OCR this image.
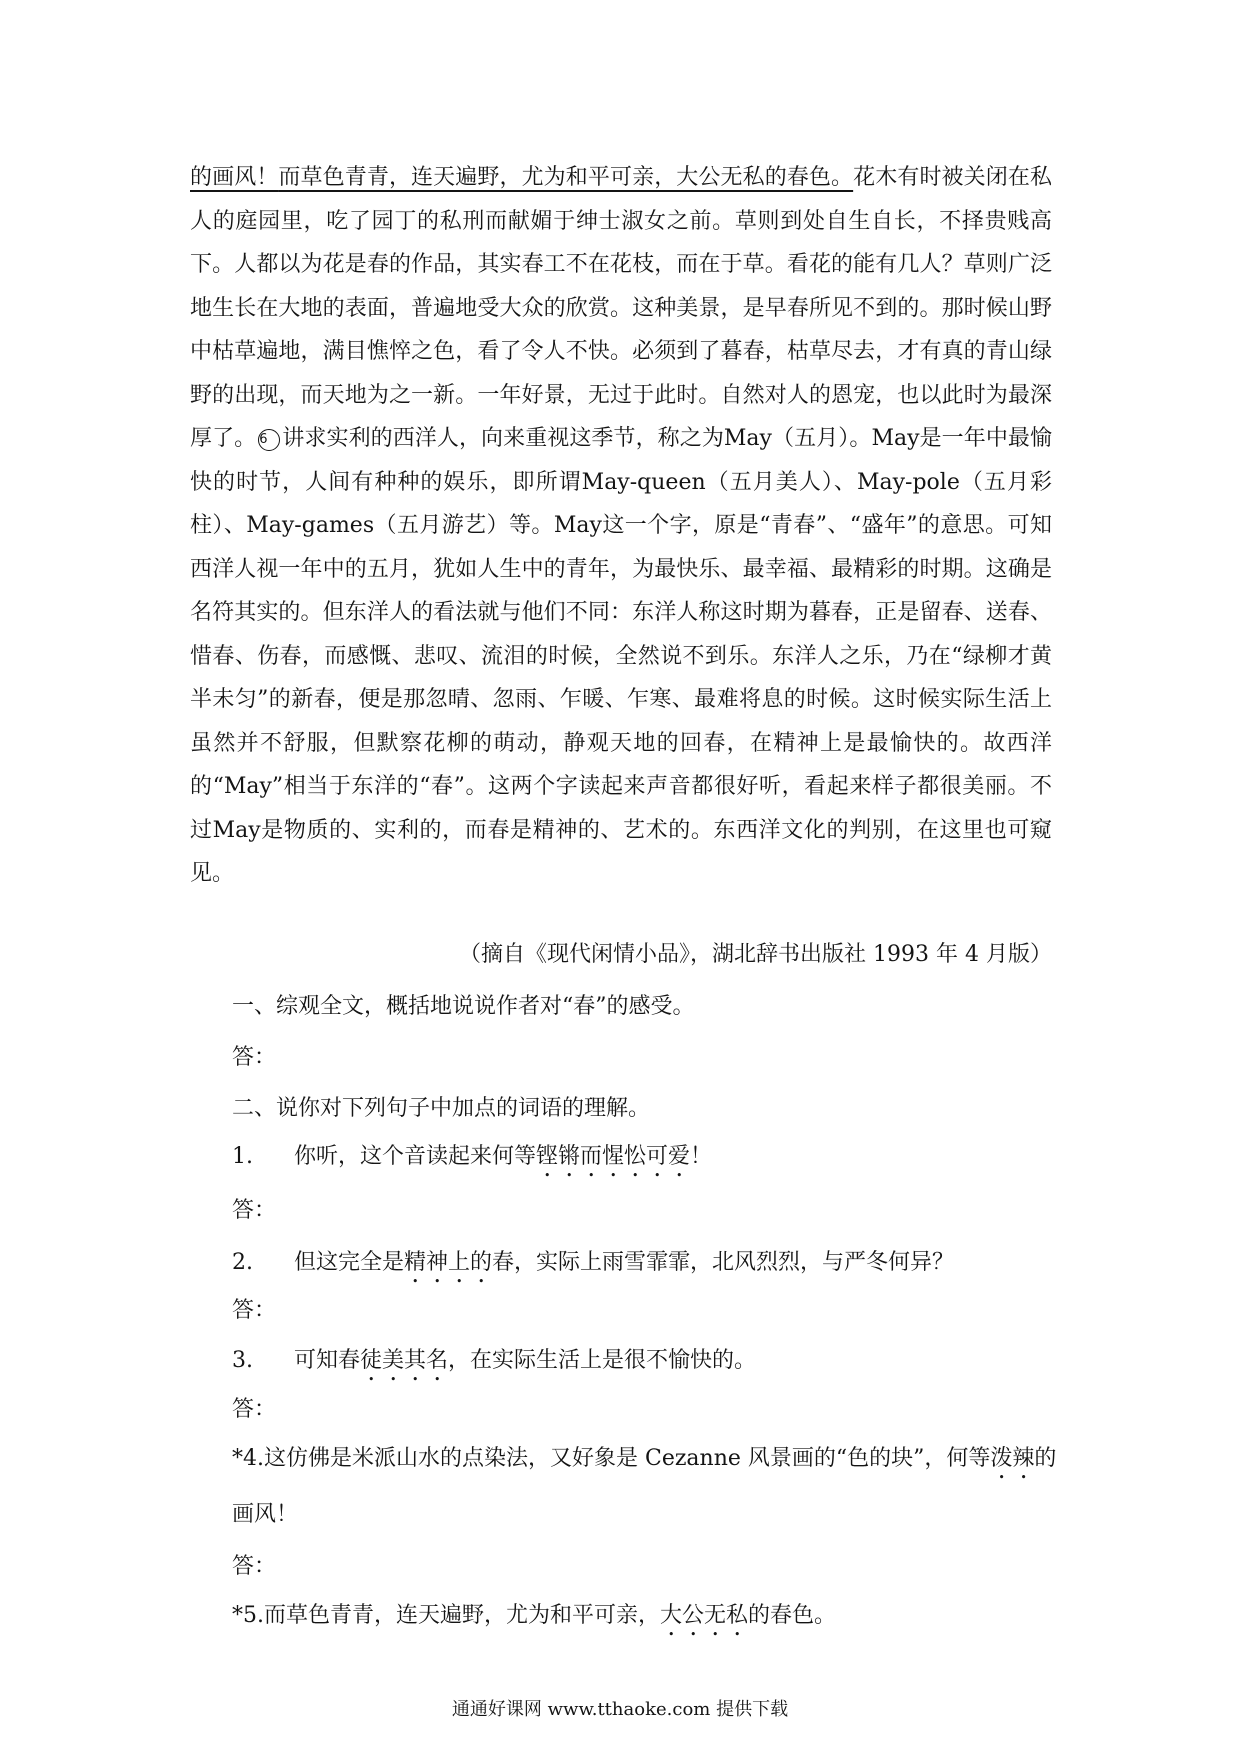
的画风！而草色青青，连天遍野，尤为和平可亲，大公无私的春色。花木有时被关闭在私人的庭园里，吃了园丁的私刑而献媚于绅士淑女之前。草则到处自生自长，不择贵贱高下。人都以为花是春的作品，其实春工不在花枝，而在于草。看花的能有几人？草则广泛地生长在大地的表面，普遍地受大众的欣赏。这种美景，是早春所见不到的。那时候山野中枯草遍地，满目憔悴之色，看了令人不快。必须到了暮春，枯草尽去，才有真的青山绿野的出现，而天地为之一新。一年好景，无过于此时。自然对人的恩宠，也以此时为最深厚了。 6 讲求实利的西洋人，向来重视这季节，称之为May（五月）。May是一年中最愉快的时节，人间有种种的娱乐，即所谓May-queen（五月美人）、May-pole（五月彩柱）、May-games（五月游艺）等。May这一个字，原是“青春”、“盛年”的意思。可知西洋人视一年中的五月，犹如人生中的青年，为最快乐、最幸福、最精彩的时期。这确是名符其实的。但东洋人的看法就与他们不同：东洋人称这时期为暮春，正是留春、送春、惜春、伤春，而感慨、悲叹、流泪的时候，全然说不到乐。东洋人之乐，乃在“绿柳才黄半未匀”的新春，便是那忽晴、忽雨、乍暖、乍寒、最难将息的时候。这时候实际生活上虽然并不舒服，但默察花柳的萌动，静观天地的回春，在精神上是最愉快的。故西洋的“May”相当于东洋的“春”。这两个字读起来声音都很好听，看起来样子都很美丽。不过May是物质的、实利的，而春是精神的、艺术的。东西洋文化的判别，在这里也可窥见。

（摘自《现代闲情小品》，湖北辞书出版社 1993 年 4 月版）
一、综观全文，概括地说说作者对“春”的感受。
答：
二、说你对下列句子中加点的词语的理解。
1. 你听，这个音读起来何等铿锵而惺忪可爱！
答：
2. 但这完全是精神上的春，实际上雨雪霏霏，北风烈烈，与严冬何异？
答：
3. 可知春徒美其名，在实际生活上是很不愉快的。
答：
*4.这仿佛是米派山水的点染法，又好象是 Cezanne 风景画的“色的块”，何等泼辣的
画风！
答：
*5.而草色青青，连天遍野，尤为和平可亲，大公无私的春色。
通通好课网 www.tthaoke.com 提供下载
